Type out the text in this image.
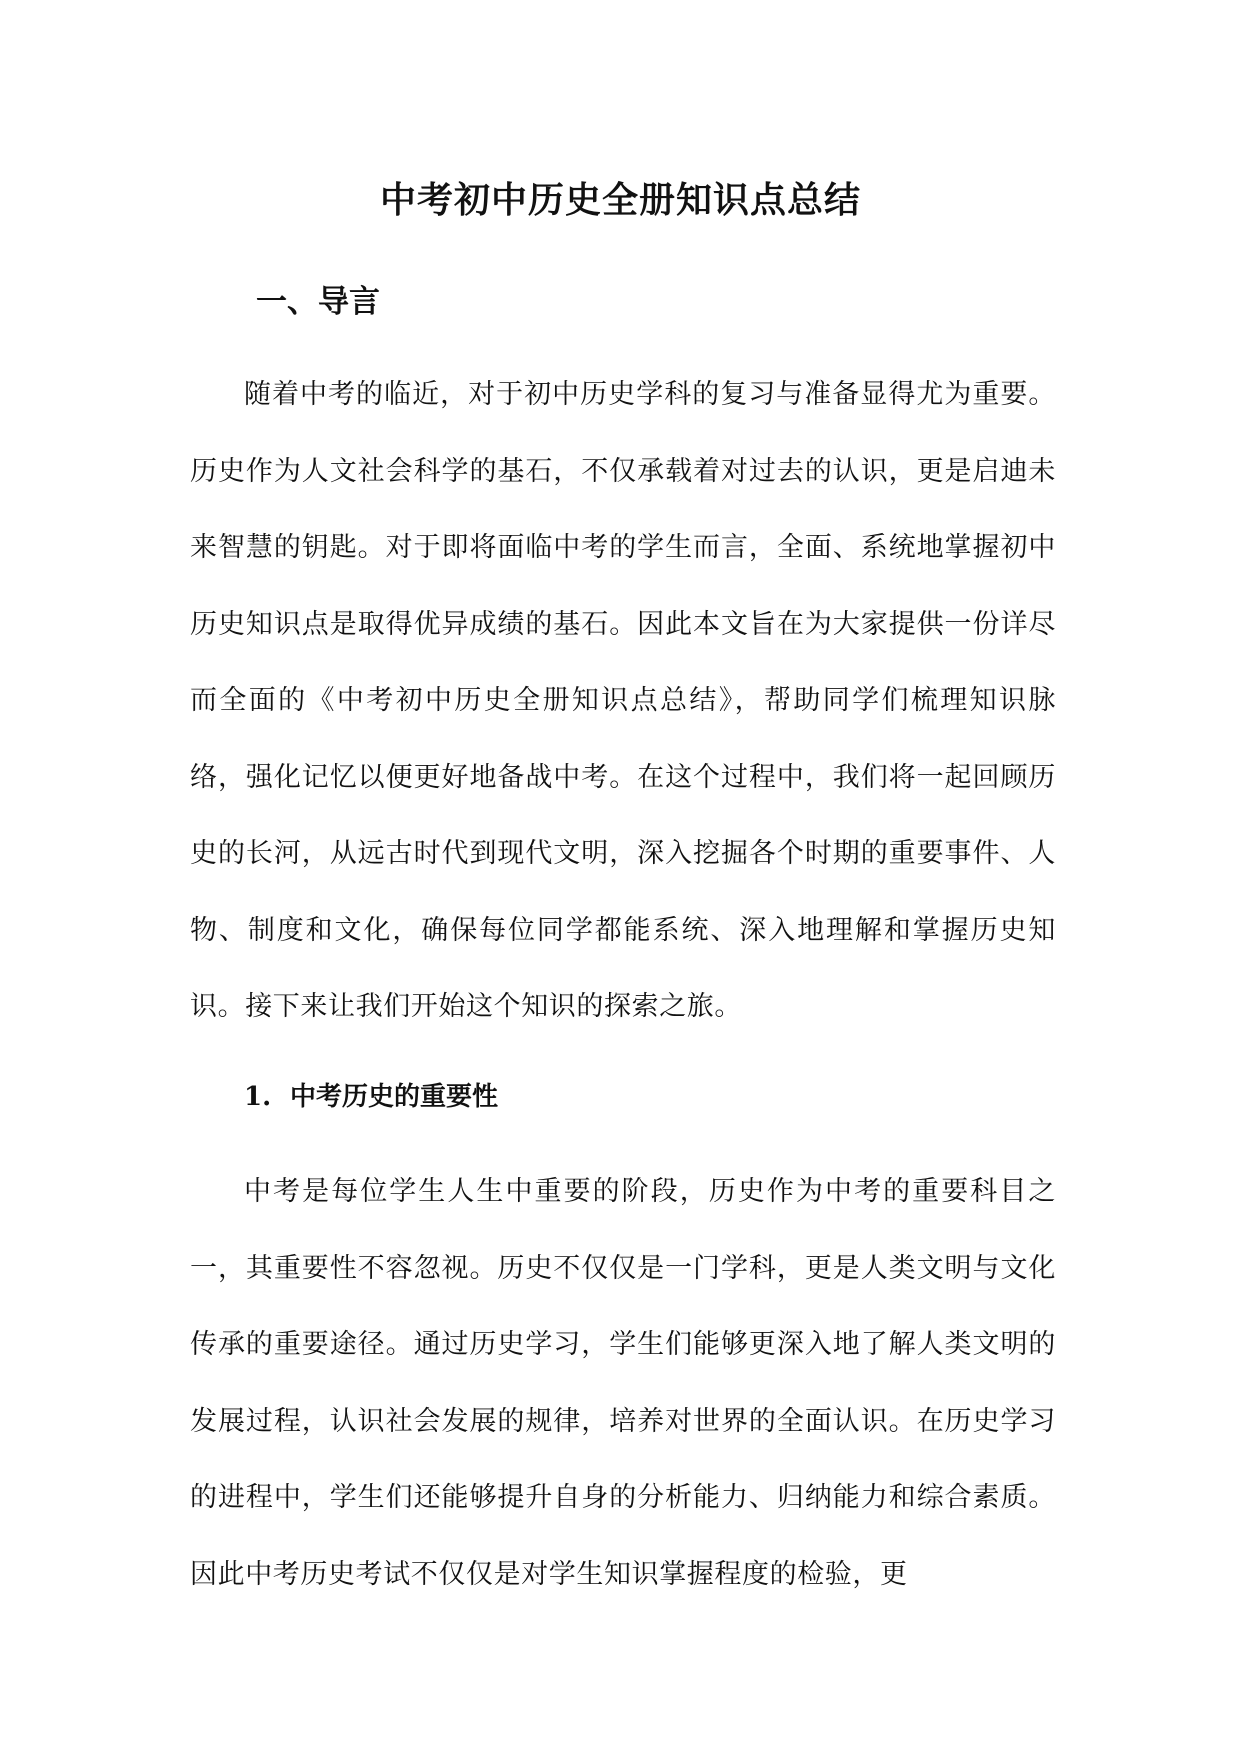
中考初中历史全册知识点总结
一、导言

随着中考的临近，对于初中历史学科的复习与准备显得尤为重要。历史作为人文社会科学的基石，不仅承载着对过去的认识，更是启迪未来智慧的钥匙。对于即将面临中考的学生而言，全面、系统地掌握初中历史知识点是取得优异成绩的基石。因此本文旨在为大家提供一份详尽而全面的《中考初中历史全册知识点总结》，帮助同学们梳理知识脉络，强化记忆以便更好地备战中考。在这个过程中，我们将一起回顾历史的长河，从远古时代到现代文明，深入挖掘各个时期的重要事件、人物、制度和文化，确保每位同学都能系统、深入地理解和掌握历史知识。接下来让我们开始这个知识的探索之旅。

1. 中考历史的重要性

中考是每位学生人生中重要的阶段，历史作为中考的重要科目之一，其重要性不容忽视。历史不仅仅是一门学科，更是人类文明与文化传承的重要途径。通过历史学习，学生们能够更深入地了解人类文明的发展过程，认识社会发展的规律，培养对世界的全面认识。在历史学习的进程中，学生们还能够提升自身的分析能力、归纳能力和综合素质。因此中考历史考试不仅仅是对学生知识掌握程度的检验，更
